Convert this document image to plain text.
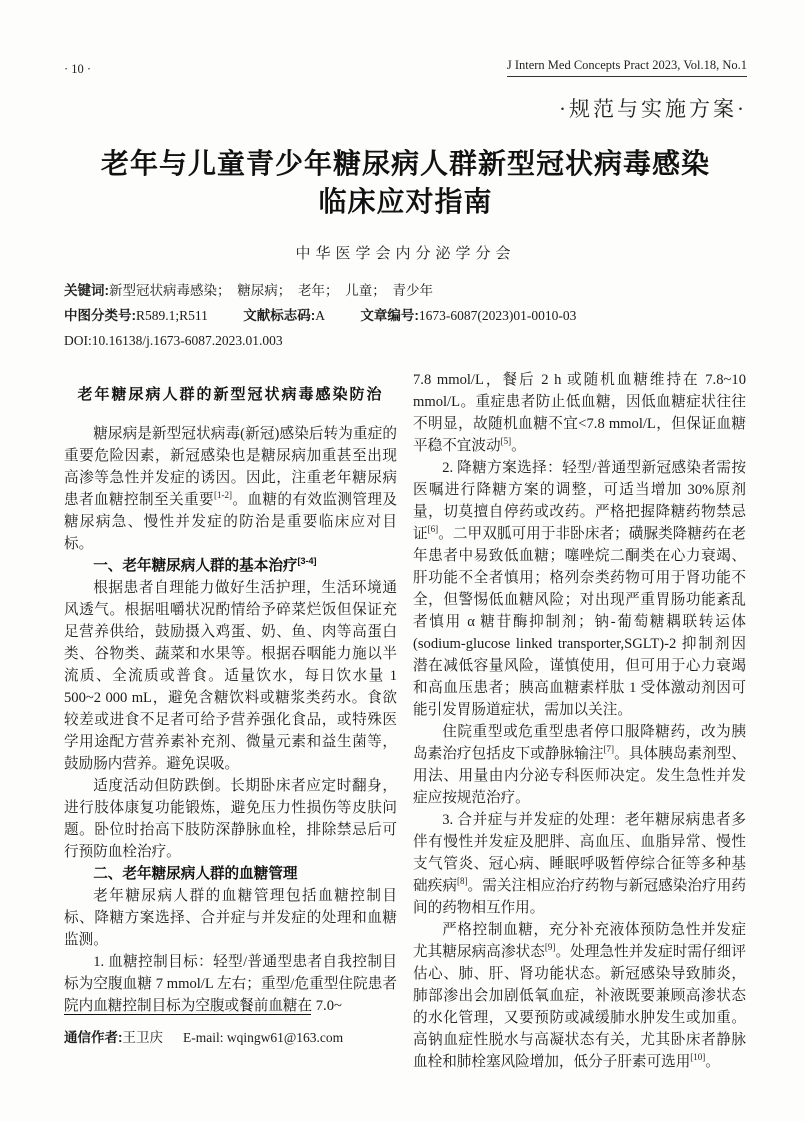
· 10 ·	J Intern Med Concepts Pract 2023, Vol.18, No.1
·规范与实施方案·
老年与儿童青少年糖尿病人群新型冠状病毒感染
临床应对指南
中华医学会内分泌学分会
关键词:新型冠状病毒感染；  糖尿病；  老年；  儿童；  青少年
中图分类号:R589.1;R511	文献标志码:A	文章编号:1673-6087(2023)01-0010-03
DOI:10.16138/j.1673-6087.2023.01.003
老年糖尿病人群的新型冠状病毒感染防治

糖尿病是新型冠状病毒(新冠)感染后转为重症的重要危险因素，新冠感染也是糖尿病加重甚至出现高渗等急性并发症的诱因。因此，注重老年糖尿病患者血糖控制至关重要[1-2]。血糖的有效监测管理及糖尿病急、慢性并发症的防治是重要临床应对目标。

一、老年糖尿病人群的基本治疗[3-4]

根据患者自理能力做好生活护理，生活环境通风透气。根据咀嚼状况酌情给予碎菜烂饭但保证充足营养供给，鼓励摄入鸡蛋、奶、鱼、肉等高蛋白类、谷物类、蔬菜和水果等。根据吞咽能力施以半流质、全流质或普食。适量饮水，每日饮水量 1 500~2 000 mL，避免含糖饮料或糖浆类药水。食欲较差或进食不足者可给予营养强化食品，或特殊医学用途配方营养素补充剂、微量元素和益生菌等，鼓励肠内营养。避免误吸。

适度活动但防跌倒。长期卧床者应定时翻身，进行肢体康复功能锻炼，避免压力性损伤等皮肤问题。卧位时抬高下肢防深静脉血栓，排除禁忌后可行预防血栓治疗。

二、老年糖尿病人群的血糖管理

老年糖尿病人群的血糖管理包括血糖控制目标、降糖方案选择、合并症与并发症的处理和血糖监测。

1. 血糖控制目标：轻型/普通型患者自我控制目标为空腹血糖 7 mmol/L 左右；重型/危重型住院患者院内血糖控制目标为空腹或餐前血糖在 7.0~

7.8 mmol/L，餐后 2 h 或随机血糖维持在 7.8~10 mmol/L。重症患者防止低血糖，因低血糖症状往往不明显，故随机血糖不宜<7.8 mmol/L，但保证血糖平稳不宜波动[5]。

2. 降糖方案选择：轻型/普通型新冠感染者需按医嘱进行降糖方案的调整，可适当增加 30%原剂量，切莫擅自停药或改药。严格把握降糖药物禁忌证[6]。二甲双胍可用于非卧床者；磺脲类降糖药在老年患者中易致低血糖；噻唑烷二酮类在心力衰竭、肝功能不全者慎用；格列奈类药物可用于肾功能不全，但警惕低血糖风险；对出现严重胃肠功能紊乱者慎用 α 糖苷酶抑制剂；钠-葡萄糖耦联转运体(sodium-glucose linked transporter,SGLT)-2 抑制剂因潜在减低容量风险，谨慎使用，但可用于心力衰竭和高血压患者；胰高血糖素样肽 1 受体激动剂因可能引发胃肠道症状，需加以关注。

住院重型或危重型患者停口服降糖药，改为胰岛素治疗包括皮下或静脉输注[7]。具体胰岛素剂型、用法、用量由内分泌专科医师决定。发生急性并发症应按规范治疗。

3. 合并症与并发症的处理：老年糖尿病患者多伴有慢性并发症及肥胖、高血压、血脂异常、慢性支气管炎、冠心病、睡眠呼吸暂停综合征等多种基础疾病[8]。需关注相应治疗药物与新冠感染治疗用药间的药物相互作用。

严格控制血糖，充分补充液体预防急性并发症尤其糖尿病高渗状态[9]。处理急性并发症时需仔细评估心、肺、肝、肾功能状态。新冠感染导致肺炎，肺部渗出会加剧低氧血症，补液既要兼顾高渗状态的水化管理，又要预防或减缓肺水肿发生或加重。高钠血症性脱水与高凝状态有关，尤其卧床者静脉血栓和肺栓塞风险增加，低分子肝素可选用[10]。

通信作者:王卫庆 E-mail: wqingw61@163.com
